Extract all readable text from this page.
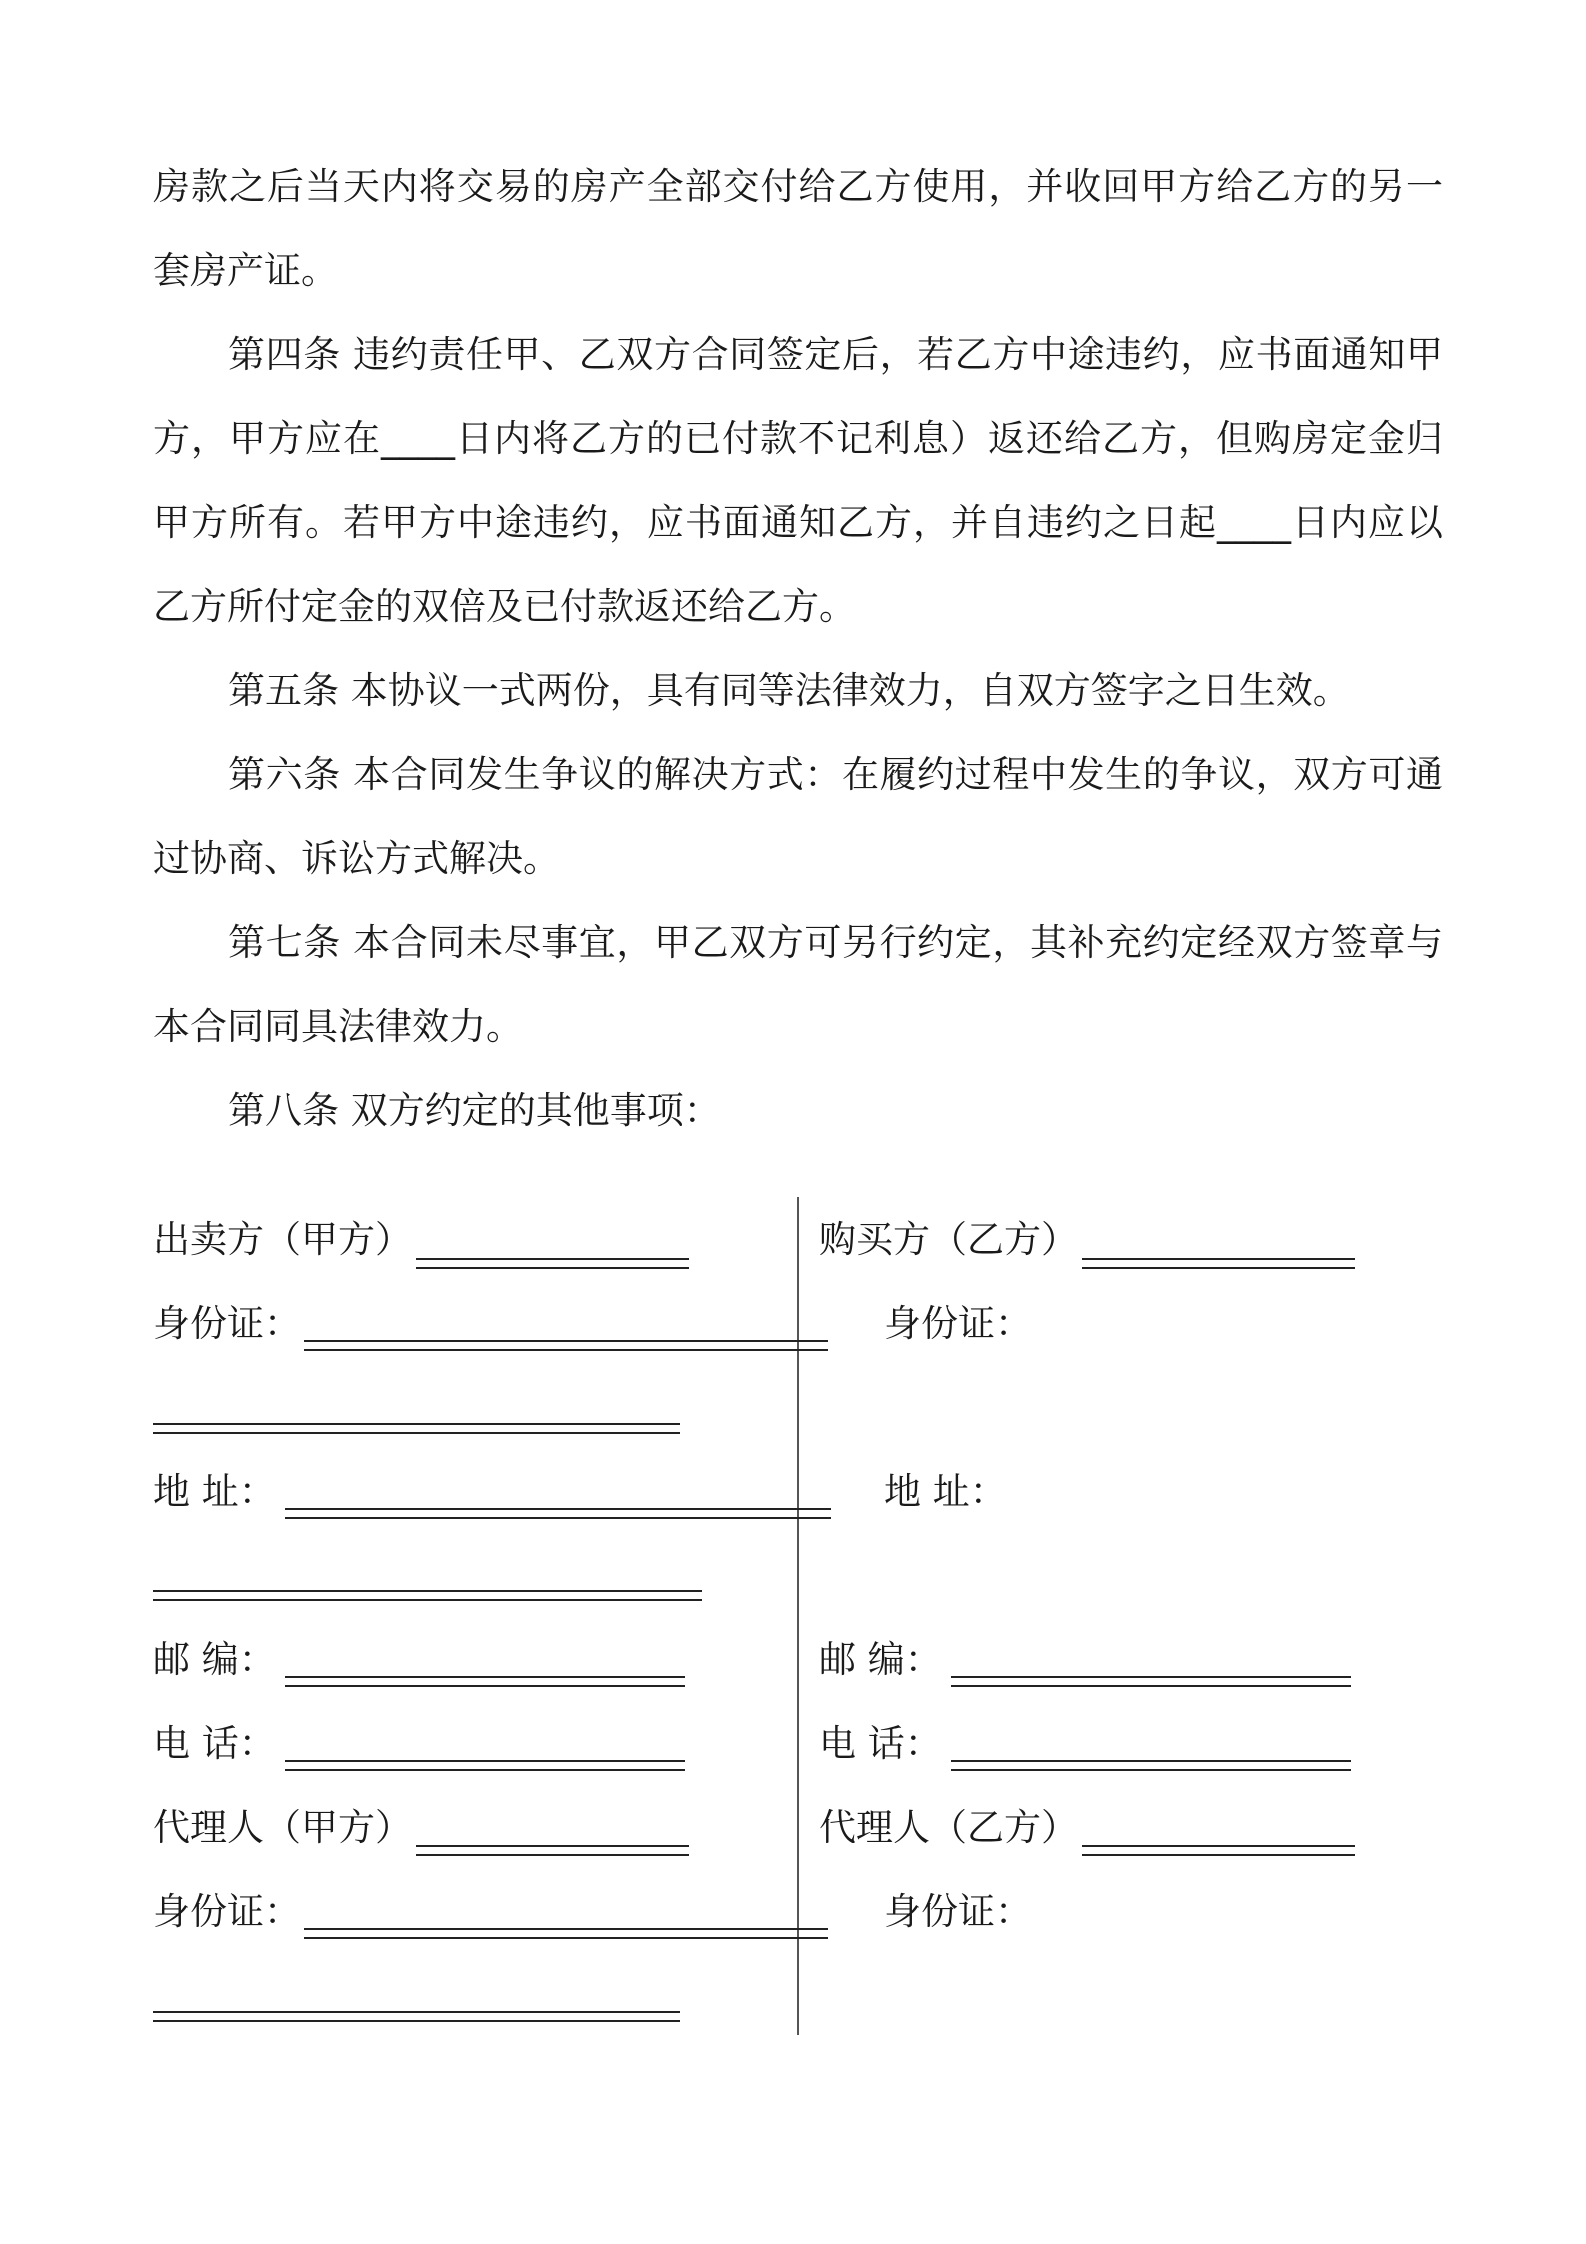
房款之后当天内将交易的房产全部交付给乙方使用，并收回甲方给乙方的另一套房产证。

第四条 违约责任甲、乙双方合同签定后，若乙方中途违约，应书面通知甲方，甲方应在____日内将乙方的已付款不记利息）返还给乙方，但购房定金归甲方所有。若甲方中途违约，应书面通知乙方，并自违约之日起____日内应以乙方所付定金的双倍及已付款返还给乙方。

第五条 本协议一式两份，具有同等法律效力，自双方签字之日生效。

第六条 本合同发生争议的解决方式：在履约过程中发生的争议，双方可通过协商、诉讼方式解决。

第七条 本合同未尽事宜，甲乙双方可另行约定，其补充约定经双方签章与本合同同具法律效力。

第八条 双方约定的其他事项：

出卖方（甲方）
身份证：
地 址：
邮 编：
电 话：
代理人（甲方）
身份证：
购买方（乙方）
身份证：
地 址：
邮 编：
电 话：
代理人（乙方）
身份证：
